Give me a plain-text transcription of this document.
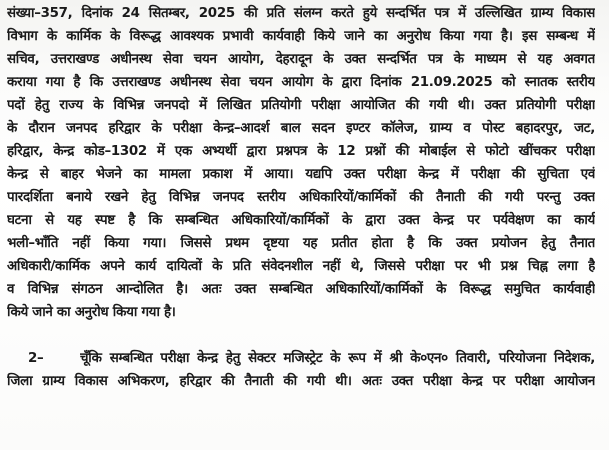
संख्या–357, दिनांक 24 सितम्बर, 2025 की प्रति संलग्न करते हुये सन्दर्भित पत्र में उल्लिखित ग्राम्य विकास
विभाग के कार्मिक के विरूद्ध आवश्यक प्रभावी कार्यवाही किये जाने का अनुरोध किया गया है। इस सम्बन्ध में
सचिव, उत्तराखण्ड अधीनस्थ सेवा चयन आयोग, देहरादून के उक्त सन्दर्भित पत्र के माध्यम से यह अवगत
कराया गया है कि उत्तराखण्ड अधीनस्थ सेवा चयन आयोग के द्वारा दिनांक 21.09.2025 को स्नातक स्तरीय
पदों हेतु राज्य के विभिन्न जनपदो में लिखित प्रतियोगी परीक्षा आयोजित की गयी थी। उक्त प्रतियोगी परीक्षा
के दौरान जनपद हरिद्वार के परीक्षा केन्द्र–आदर्श बाल सदन इण्टर कॉलेज, ग्राम्य व पोस्ट बहादरपुर, जट,
हरिद्वार, केन्द्र कोड–1302 में एक अभ्यर्थी द्वारा प्रश्नपत्र के 12 प्रश्नों की मोबाईल से फोटो खींचकर परीक्षा
केन्द्र से बाहर भेजने का मामला प्रकाश में आया। यद्यपि उक्त परीक्षा केन्द्र में परीक्षा की सुचिता एवं
पारदर्शिता बनाये रखने हेतु विभिन्न जनपद स्तरीय अधिकारियों/कार्मिकों की तैनाती की गयी परन्तु उक्त
घटना से यह स्पष्ट है कि सम्बन्धित अधिकारियों/कार्मिकों के द्वारा उक्त केन्द्र पर पर्यवेक्षण का कार्य
भली–भाँति नहीं किया गया। जिससे प्रथम दृष्टया यह प्रतीत होता है कि उक्त प्रयोजन हेतु तैनात
अधिकारी/कार्मिक अपने कार्य दायित्वों के प्रति संवेदनशील नहीं थे, जिससे परीक्षा पर भी प्रश्न चिह्न लगा है
व विभिन्न संगठन आन्दोलित है। अतः उक्त सम्बन्धित अधिकारियों/कार्मिकों के विरूद्ध समुचित कार्यवाही
किये जाने का अनुरोध किया गया है।
2–	चूँकि सम्बन्धित परीक्षा केन्द्र हेतु सेक्टर मजिस्ट्रेट के रूप में श्री के०एन० तिवारी, परियोजना निदेशक,
जिला ग्राम्य विकास अभिकरण, हरिद्वार की तैनाती की गयी थी। अतः उक्त परीक्षा केन्द्र पर परीक्षा आयोजन
